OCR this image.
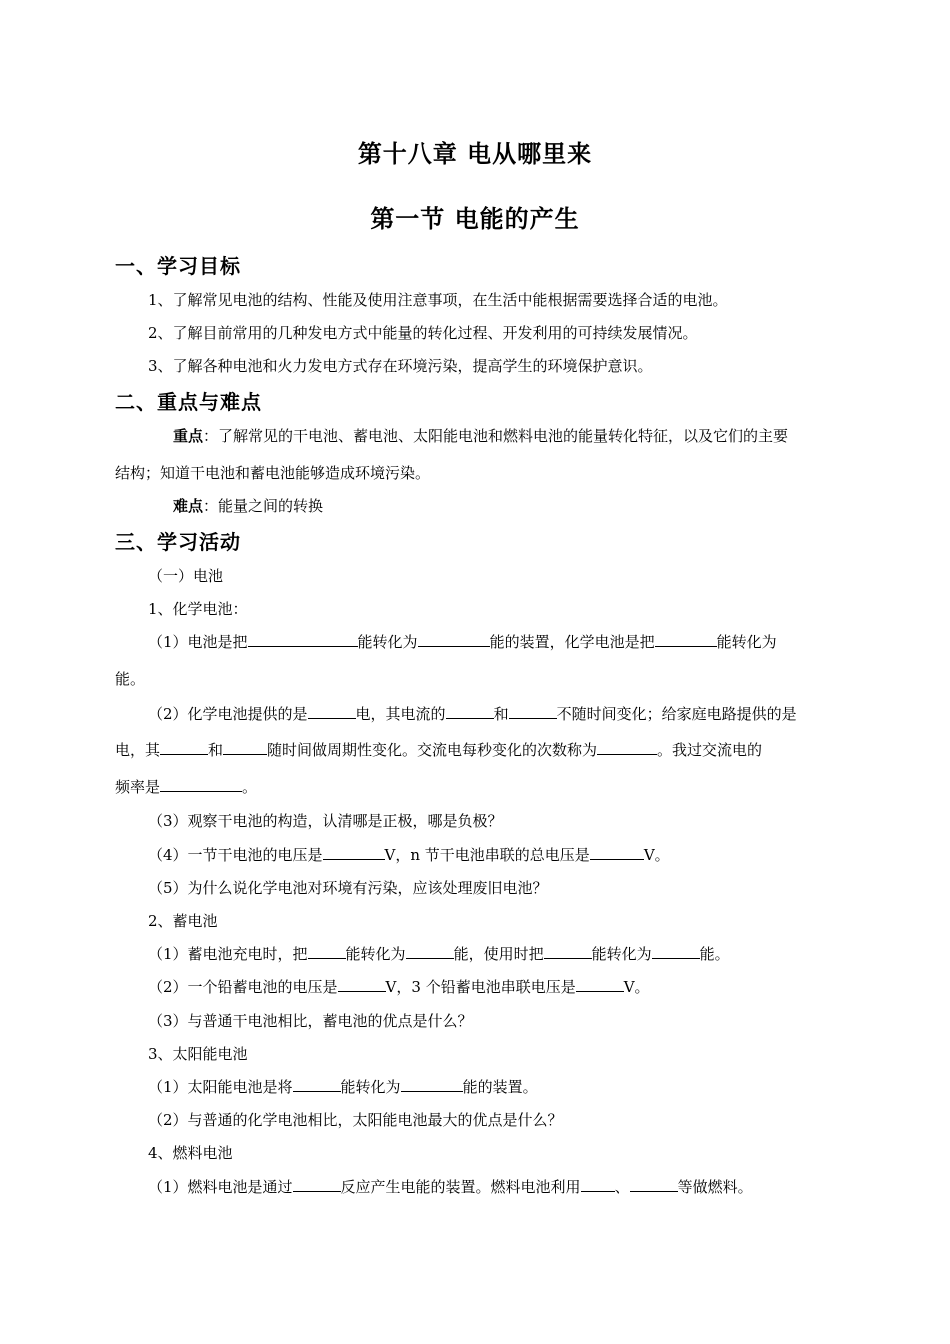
第十八章 电从哪里来
第一节 电能的产生
一、学习目标
1、了解常见电池的结构、性能及使用注意事项，在生活中能根据需要选择合适的电池。
2、了解目前常用的几种发电方式中能量的转化过程、开发利用的可持续发展情况。
3、了解各种电池和火力发电方式存在环境污染，提高学生的环境保护意识。
二、重点与难点
重点：了解常见的干电池、蓄电池、太阳能电池和燃料电池的能量转化特征，以及它们的主要
结构；知道干电池和蓄电池能够造成环境污染。
难点：能量之间的转换
三、学习活动
（一）电池
1、化学电池：
（1）电池是把	能转化为	能的装置，化学电池是把	能转化为
能。
（2）化学电池提供的是	电，其电流的	和	不随时间变化；给家庭电路提供的是
电，其	和	随时间做周期性变化。交流电每秒变化的次数称为	。我过交流电的
频率是	。
（3）观察干电池的构造，认清哪是正极，哪是负极？
（4）一节干电池的电压是	V，n 节干电池串联的总电压是	V。
（5）为什么说化学电池对环境有污染，应该处理废旧电池？
2、蓄电池
（1）蓄电池充电时，把	能转化为	能，使用时把	能转化为	能。
（2）一个铅蓄电池的电压是	V，3 个铅蓄电池串联电压是	V。
（3）与普通干电池相比，蓄电池的优点是什么？
3、太阳能电池
（1）太阳能电池是将	能转化为	能的装置。
（2）与普通的化学电池相比，太阳能电池最大的优点是什么？
4、燃料电池
（1）燃料电池是通过	反应产生电能的装置。燃料电池利用 、	等做燃料。
